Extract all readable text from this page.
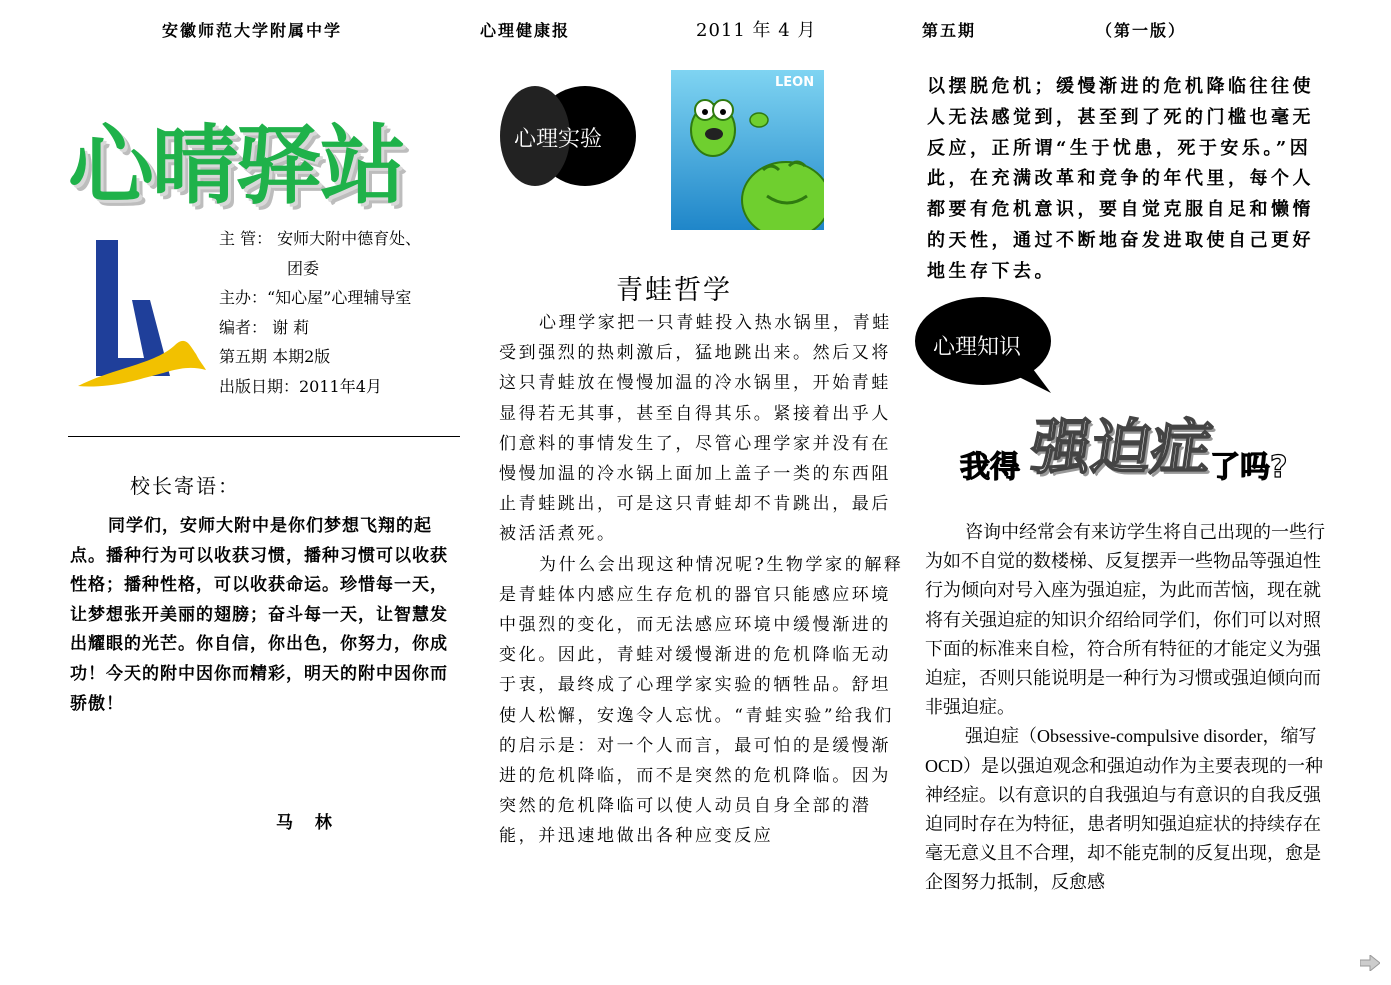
安徽师范大学附属中学	心理健康报	2011 年 4 月	第五期	（第一版）
心晴驿站
主 管： 安师大附中德育处、
团委
主办：“知心屋”心理辅导室
编者： 谢 莉
第五期 本期2版
出版日期：2011年4月
校长寄语：
同学们，安师大附中是你们梦想飞翔的起点。播种行为可以收获习惯，播种习惯可以收获性格；播种性格，可以收获命运。珍惜每一天，让梦想张开美丽的翅膀；奋斗每一天，让智慧发出耀眼的光芒。你自信，你出色，你努力，你成功！今天的附中因你而精彩，明天的附中因你而骄傲！
马 林
心理实验
LEON
青蛙哲学

心理学家把一只青蛙投入热水锅里，青蛙受到强烈的热刺激后，猛地跳出来。然后又将这只青蛙放在慢慢加温的冷水锅里，开始青蛙显得若无其事，甚至自得其乐。紧接着出乎人们意料的事情发生了，尽管心理学家并没有在慢慢加温的冷水锅上面加上盖子一类的东西阻止青蛙跳出，可是这只青蛙却不肯跳出，最后被活活煮死。

为什么会出现这种情况呢?生物学家的解释是青蛙体内感应生存危机的器官只能感应环境中强烈的变化，而无法感应环境中缓慢渐进的变化。因此，青蛙对缓慢渐进的危机降临无动于衷，最终成了心理学家实验的牺牲品。舒坦使人松懈，安逸令人忘忧。“青蛙实验”给我们的启示是：对一个人而言，最可怕的是缓慢渐进的危机降临，而不是突然的危机降临。因为突然的危机降临可以使人动员自身全部的潜能，并迅速地做出各种应变反应

以摆脱危机；缓慢渐进的危机降临往往使人无法感觉到，甚至到了死的门槛也毫无反应，正所谓“生于忧患，死于安乐。”因此，在充满改革和竞争的年代里，每个人都要有危机意识，要自觉克服自足和懒惰的天性，通过不断地奋发进取使自己更好地生存下去。
心理知识
我得 强迫症
了吗?

咨询中经常会有来访学生将自己出现的一些行为如不自觉的数楼梯、反复摆弄一些物品等强迫性行为倾向对号入座为强迫症，为此而苦恼，现在就将有关强迫症的知识介绍给同学们，你们可以对照下面的标准来自检，符合所有特征的才能定义为强迫症，否则只能说明是一种行为习惯或强迫倾向而非强迫症。

强迫症（Obsessive-compulsive disorder，缩写OCD）是以强迫观念和强迫动作为主要表现的一种神经症。以有意识的自我强迫与有意识的自我反强迫同时存在为特征，患者明知强迫症状的持续存在毫无意义且不合理，却不能克制的反复出现，愈是企图努力抵制，反愈感
